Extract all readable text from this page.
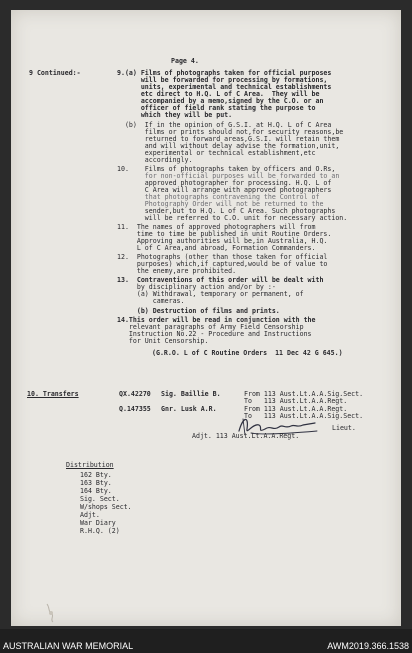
Page 4.
9 Continued:-	9.(a) Films of photographs taken for official purposes
will be forwarded for processing by formations,
units, experimental and technical establishments
etc direct to H.Q. L of C Area.  They will be
accompanied by a memo,signed by the C.O. or an
officer of field rank stating the purpose to
which they will be put.
(b)  If in the opinion of G.S.I. at H.Q. L of C Area
films or prints should not,for security reasons,be
returned to forward areas,G.S.I. will retain them
and will without delay advise the formation,unit,
experimental or technical establishment,etc
accordingly.
10.    Films of photographs taken by officers and O.Rs,
for non-official purposes will be forwarded to an
approved photographer for processing. H.Q. L of
C Area will arrange with approved photographers
that photographs contravening the Control of
Photography Order will not be returned to the
sender,but to H.Q. L of C Area. Such photographs
will be referred to C.O. unit for necessary action.
11.  The names of approved photographers will from
time to time be published in unit Routine Orders.
Approving authorities will be,in Australia, H.Q.
L of C Area,and abroad, Formation Commanders.
12.  Photographs (other than those taken for official
purposes) which,if captured,would be of value to
the enemy,are prohibited.
13.  Contraventions of this order will be dealt with
by disciplinary action and/or by :-
(a) Withdrawal, temporary or permanent, of
cameras.
(b) Destruction of films and prints.
14.This order will be read in conjunction with the
relevant paragraphs of Army Field Censorship
Instruction No.22 - Procedure and Instructions
for Unit Censorship.
(G.R.O. L of C Routine Orders  11 Dec 42 G 645.)
10. Transfers	QX.42270 Sig. Baillie B.	From 113 Aust.Lt.A.A.Sig.Sect.
To   113 Aust.Lt.A.A.Regt.
Q.147355 Gnr. Lusk A.R.	From 113 Aust.Lt.A.A.Regt.
To   113 Aust.Lt.A.A.Sig.Sect.
Lieut.
Adjt. 113 Aust.Lt.A.A.Regt.
Distribution
162 Bty.
163 Bty.
164 Bty.
Sig. Sect.
W/shops Sect.
Adjt.
War Diary
R.H.Q. (2)
AUSTRALIAN WAR MEMORIAL	AWM2019.366.1538
